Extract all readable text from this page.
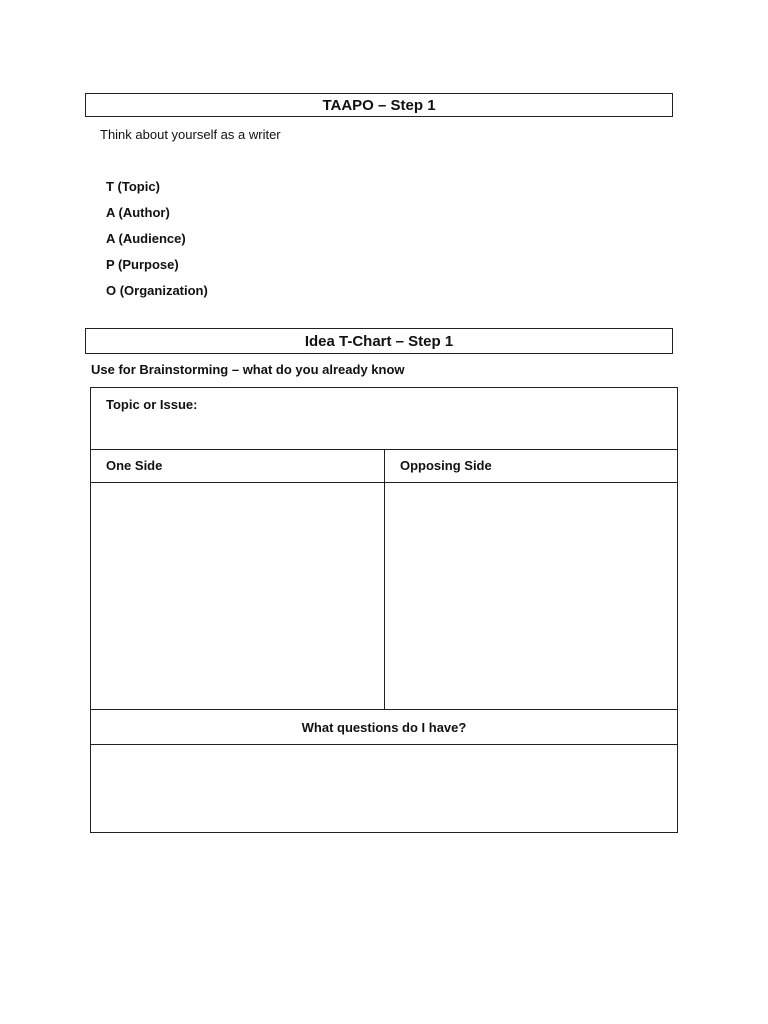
TAAPO – Step 1
Think about yourself as a writer
T (Topic)
A (Author)
A (Audience)
P (Purpose)
O (Organization)
Idea T-Chart – Step 1
Use for Brainstorming – what do you already know
Topic or Issue:
One Side	Opposing Side
What questions do I have?
